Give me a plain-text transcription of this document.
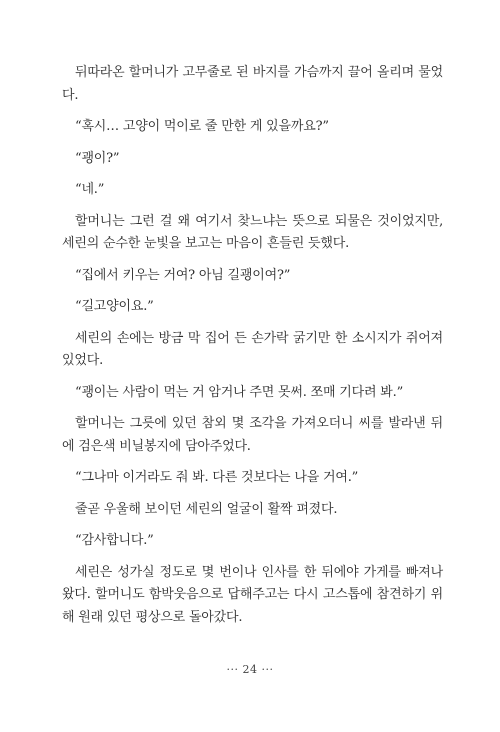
뒤따라온 할머니가 고무줄로 된 바지를 가슴까지 끌어 올리며 물었다.

“혹시… 고양이 먹이로 줄 만한 게 있을까요?”

“괭이?”

“네.”

할머니는 그런 걸 왜 여기서 찾느냐는 뜻으로 되물은 것이었지만, 세린의 순수한 눈빛을 보고는 마음이 흔들린 듯했다.

“집에서 키우는 거여? 아님 길괭이여?”

“길고양이요.”

세린의 손에는 방금 막 집어 든 손가락 굵기만 한 소시지가 쥐어져 있었다.

“괭이는 사람이 먹는 거 암거나 주면 못써. 쪼매 기다려 봐.”

할머니는 그릇에 있던 참외 몇 조각을 가져오더니 씨를 발라낸 뒤에 검은색 비닐봉지에 담아주었다.

“그나마 이거라도 줘 봐. 다른 것보다는 나을 거여.”

줄곧 우울해 보이던 세린의 얼굴이 활짝 펴졌다.

“감사합니다.”

세린은 성가실 정도로 몇 번이나 인사를 한 뒤에야 가게를 빠져나왔다. 할머니도 함박웃음으로 답해주고는 다시 고스톱에 참견하기 위해 원래 있던 평상으로 돌아갔다.

··· 24 ···
